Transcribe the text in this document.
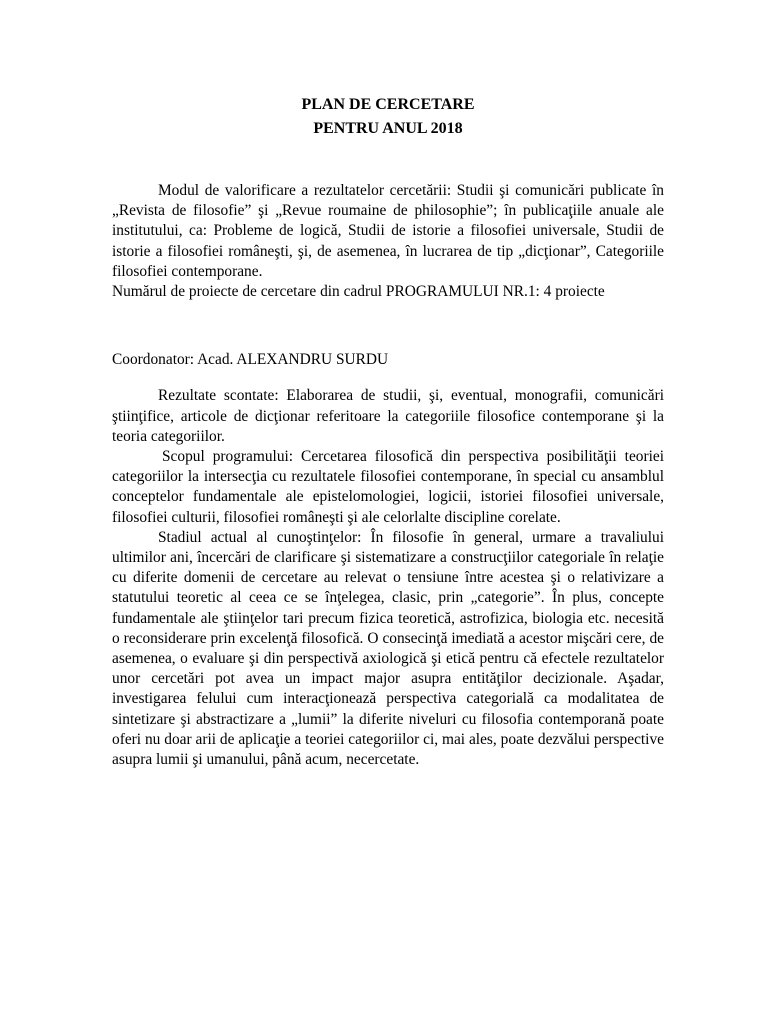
PLAN DE CERCETARE
PENTRU ANUL 2018

Modul de valorificare a rezultatelor cercetării: Studii şi comunicări publicate în „Revista de filosofie” şi „Revue roumaine de philosophie”; în publicaţiile anuale ale institutului, ca: Probleme de logică, Studii de istorie a filosofiei universale, Studii de istorie a filosofiei româneşti, şi, de asemenea, în lucrarea de tip „dicţionar”, Categoriile filosofiei contemporane.

Numărul de proiecte de cercetare din cadrul PROGRAMULUI NR.1: 4 proiecte

Coordonator: Acad. ALEXANDRU SURDU

Rezultate scontate: Elaborarea de studii, şi, eventual, monografii, comunicări ştiinţifice, articole de dicţionar referitoare la categoriile filosofice contemporane şi la teoria categoriilor.

Scopul programului: Cercetarea filosofică din perspectiva posibilităţii teoriei categoriilor la intersecţia cu rezultatele filosofiei contemporane, în special cu ansamblul conceptelor fundamentale ale epistelomologiei, logicii, istoriei filosofiei universale, filosofiei culturii, filosofiei româneşti şi ale celorlalte discipline corelate.

Stadiul actual al cunoştinţelor: În filosofie în general, urmare a travaliului ultimilor ani, încercări de clarificare şi sistematizare a construcţiilor categoriale în relaţie cu diferite domenii de cercetare au relevat o tensiune între acestea şi o relativizare a statutului teoretic al ceea ce se înţelegea, clasic, prin „categorie”. În plus, concepte fundamentale ale ştiinţelor tari precum fizica teoretică, astrofizica, biologia etc. necesită o reconsiderare prin excelenţă filosofică. O consecinţă imediată a acestor mişcări cere, de asemenea, o evaluare şi din perspectivă axiologică şi etică pentru că efectele rezultatelor unor cercetări pot avea un impact major asupra entităţilor decizionale. Aşadar, investigarea felului cum interacţionează perspectiva categorială ca modalitatea de sintetizare şi abstractizare a „lumii” la diferite niveluri cu filosofia contemporană poate oferi nu doar arii de aplicaţie a teoriei categoriilor ci, mai ales, poate dezvălui perspective asupra lumii şi umanului, până acum, necercetate.
